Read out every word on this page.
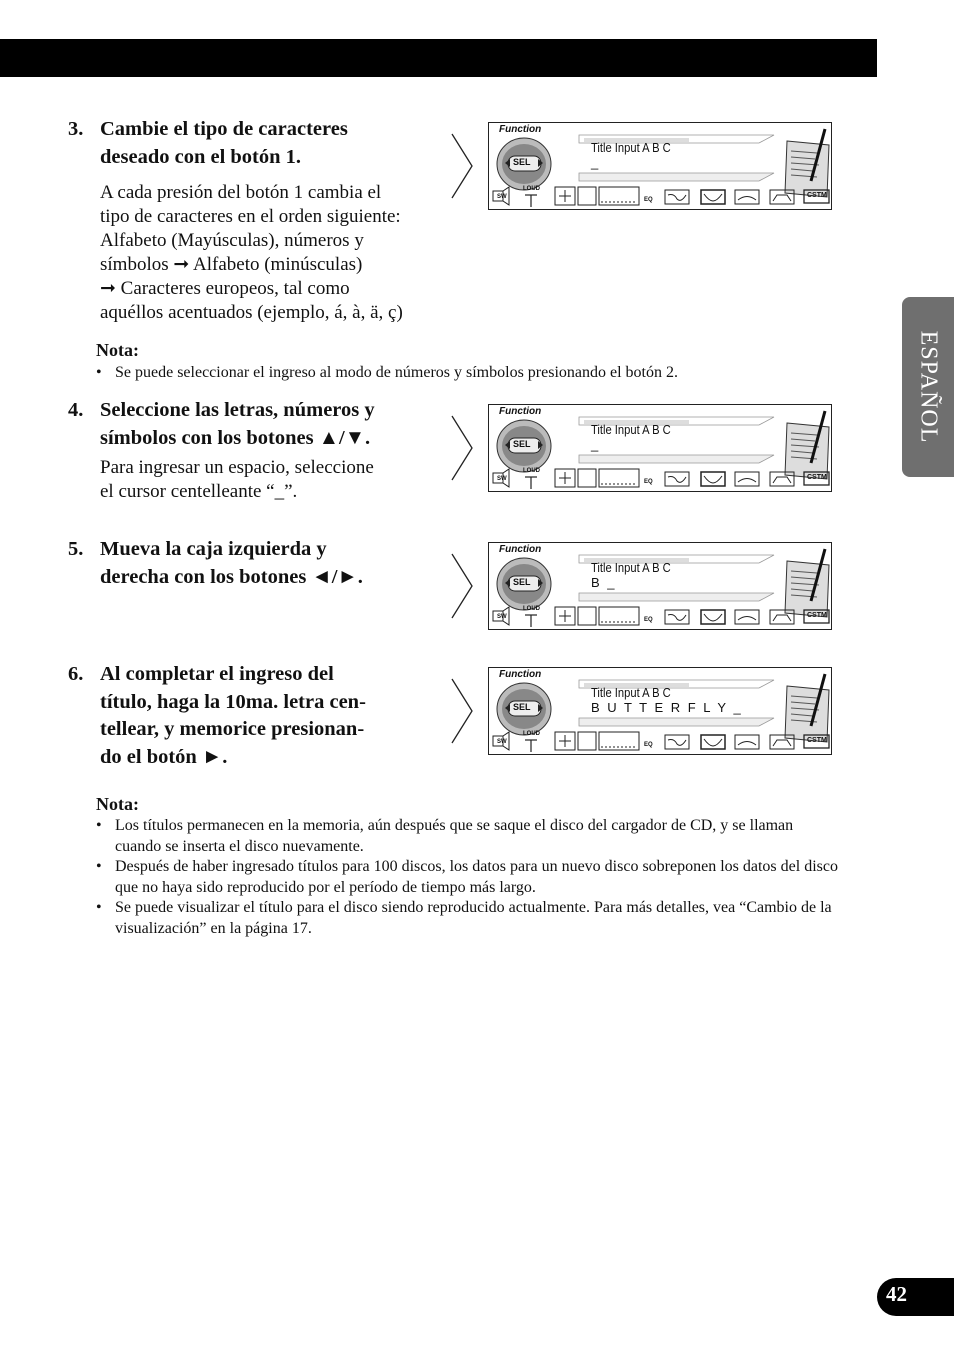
ESPAÑOL

3. Cambie el tipo de caracteres
deseado con el botón 1.

A cada presión del botón 1 cambia el
tipo de caracteres en el orden siguiente:
Alfabeto (Mayúsculas), números y
símbolos ➞ Alfabeto (minúsculas)
➞ Caracteres europeos, tal como
aquéllos acentuados (ejemplo, á, à, ä, ç)
Nota:
• Se puede seleccionar el ingreso al modo de números y símbolos presionando el botón 2.

4. Seleccione las letras, números y
símbolos con los botones ▲/▼.

Para ingresar un espacio, seleccione
el cursor centelleante “_”.

5. Mueva la caja izquierda y
derecha con los botones ◄/►.

6. Al completar el ingreso del
título, haga la 10ma. letra cen-
tellear, y memorice presionan-
do el botón ►.

Nota:
• Los títulos permanecen en la memoria, aún después que se saque el disco del cargador de CD, y se llaman cuando se inserta el disco nuevamente.
• Después de haber ingresado títulos para 100 discos, los datos para un nuevo disco sobreponen los datos del disco que no haya sido reproducido por el período de tiempo más largo.
• Se puede visualizar el título para el disco siendo reproducido actualmente. Para más detalles, vea “Cambio de la visualización” en la página 17.
Function
Title Input A B C
_
SEL
SW
LOUD
EQ
CSTM
Function
Title Input A B C
_
SEL
SW
LOUD
EQ
CSTM
Function
Title Input A B C
B _
SEL
SW
LOUD
EQ
CSTM
Function
Title Input A B C
B U T T E R F L Y _
SEL
SW
LOUD
EQ
CSTM
42
